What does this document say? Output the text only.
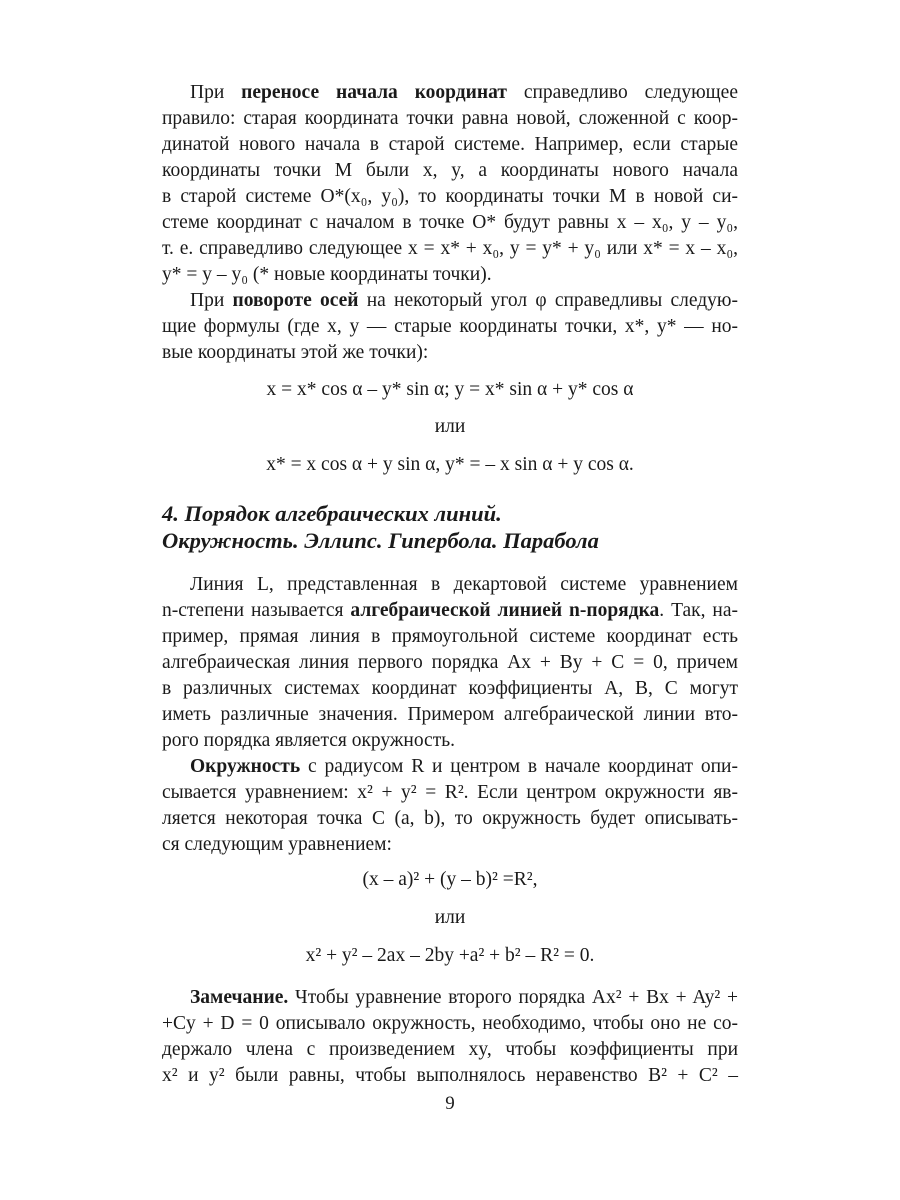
При переносе начала координат справедливо следующее
правило: старая координата точки равна новой, сложенной с коор-
динатой нового начала в старой системе. Например, если старые
координаты точки M были x, y, а координаты нового начала
в старой системе O*(x₀, y₀), то координаты точки M в новой си-
стеме координат с началом в точке O* будут равны x – x₀, y – y₀,
т. е. справедливо следующее x = x* + x₀, y = y* + y₀ или x* = x – x₀,
y* = y – y₀ (* новые координаты точки).
При повороте осей на некоторый угол φ справедливы следую-
щие формулы (где x, y — старые координаты точки, x*, y* — но-
вые координаты этой же точки):
x = x* cos α – y* sin α; y = x* sin α + y* cos α
или
x* = x cos α + y sin α, y* = – x sin α + y cos α.
4. Порядок алгебраических линий.
Окружность. Эллипс. Гипербола. Парабола
Линия L, представленная в декартовой системе уравнением
n-степени называется алгебраической линией n-порядка. Так, на-
пример, прямая линия в прямоугольной системе координат есть
алгебраическая линия первого порядка Ax + By + C = 0, причем
в различных системах координат коэффициенты A, B, C могут
иметь различные значения. Примером алгебраической линии вто-
рого порядка является окружность.
Окружность с радиусом R и центром в начале координат опи-
сывается уравнением: x² + y² = R². Если центром окружности яв-
ляется некоторая точка C (a, b), то окружность будет описывать-
ся следующим уравнением:
(x – a)² + (y – b)² =R²,
или
x² + y² – 2ax – 2by +a² + b² – R² = 0.
Замечание. Чтобы уравнение второго порядка Ax² + Bx + Ay² +
+Cy + D = 0 описывало окружность, необходимо, чтобы оно не со-
держало члена с произведением xy, чтобы коэффициенты при
x² и y² были равны, чтобы выполнялось неравенство B² + C² –
9
